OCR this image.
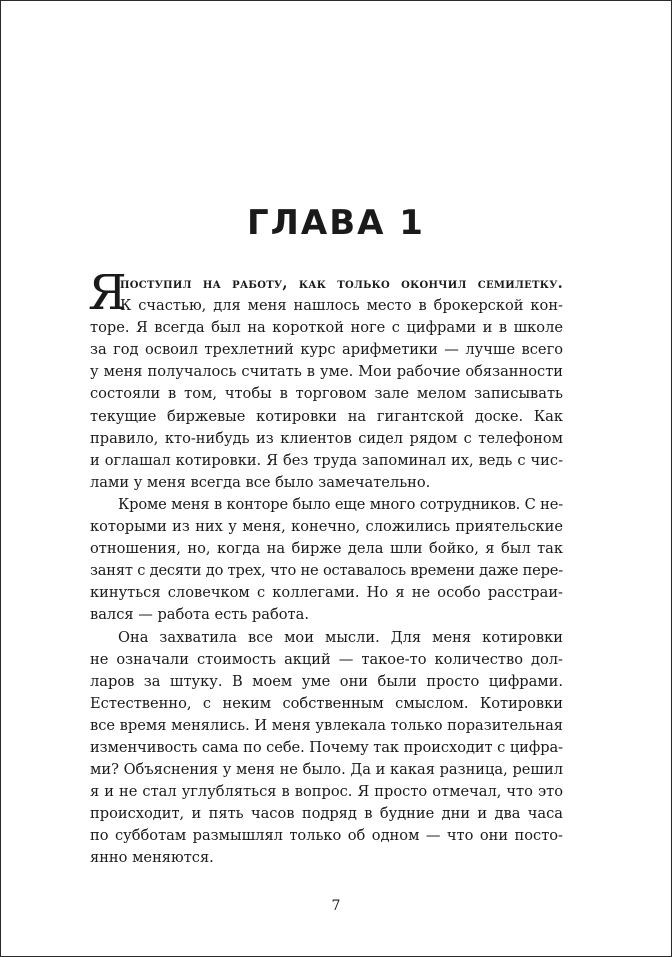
ГЛАВА 1
Я
поступил на работу, как только окончил семилетку.
К счастью, для меня нашлось место в брокерской кон-
торе. Я всегда был на короткой ноге с цифрами и в школе
за год освоил трехлетний курс арифметики — лучше всего
у меня получалось считать в уме. Мои рабочие обязанности
состояли в том, чтобы в торговом зале мелом записывать
текущие биржевые котировки на гигантской доске. Как
правило, кто-нибудь из клиентов сидел рядом с телефоном
и оглашал котировки. Я без труда запоминал их, ведь с чис-
лами у меня всегда все было замечательно.
Кроме меня в конторе было еще много сотрудников. С не-
которыми из них у меня, конечно, сложились приятельские
отношения, но, когда на бирже дела шли бойко, я был так
занят с десяти до трех, что не оставалось времени даже пере-
кинуться словечком с коллегами. Но я не особо расстраи-
вался — работа есть работа.
Она захватила все мои мысли. Для меня котировки
не означали стоимость акций — такое-то количество дол-
ларов за штуку. В моем уме они были просто цифрами.
Естественно, с неким собственным смыслом. Котировки
все время менялись. И меня увлекала только поразительная
изменчивость сама по себе. Почему так происходит с цифра-
ми? Объяснения у меня не было. Да и какая разница, решил
я и не стал углубляться в вопрос. Я просто отмечал, что это
происходит, и пять часов подряд в будние дни и два часа
по субботам размышлял только об одном — что они посто-
янно меняются.
7
